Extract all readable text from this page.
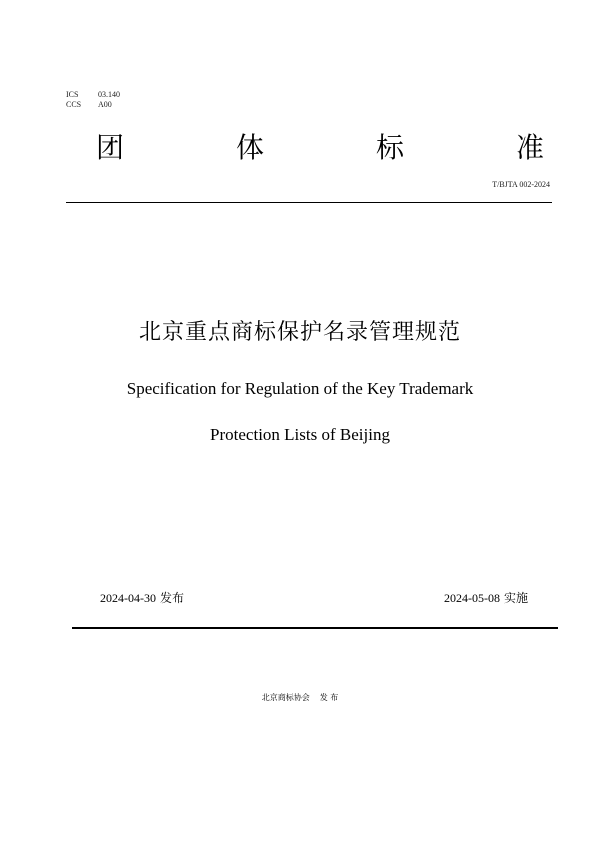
ICS	03.140
CCS	A00
团	体	标	准
T/BJTA 002-2024
北京重点商标保护名录管理规范
Specification for Regulation of the Key Trademark
Protection Lists of Beijing
2024-04-30 发布	2024-05-08 实施
北京商标协会 发 布
